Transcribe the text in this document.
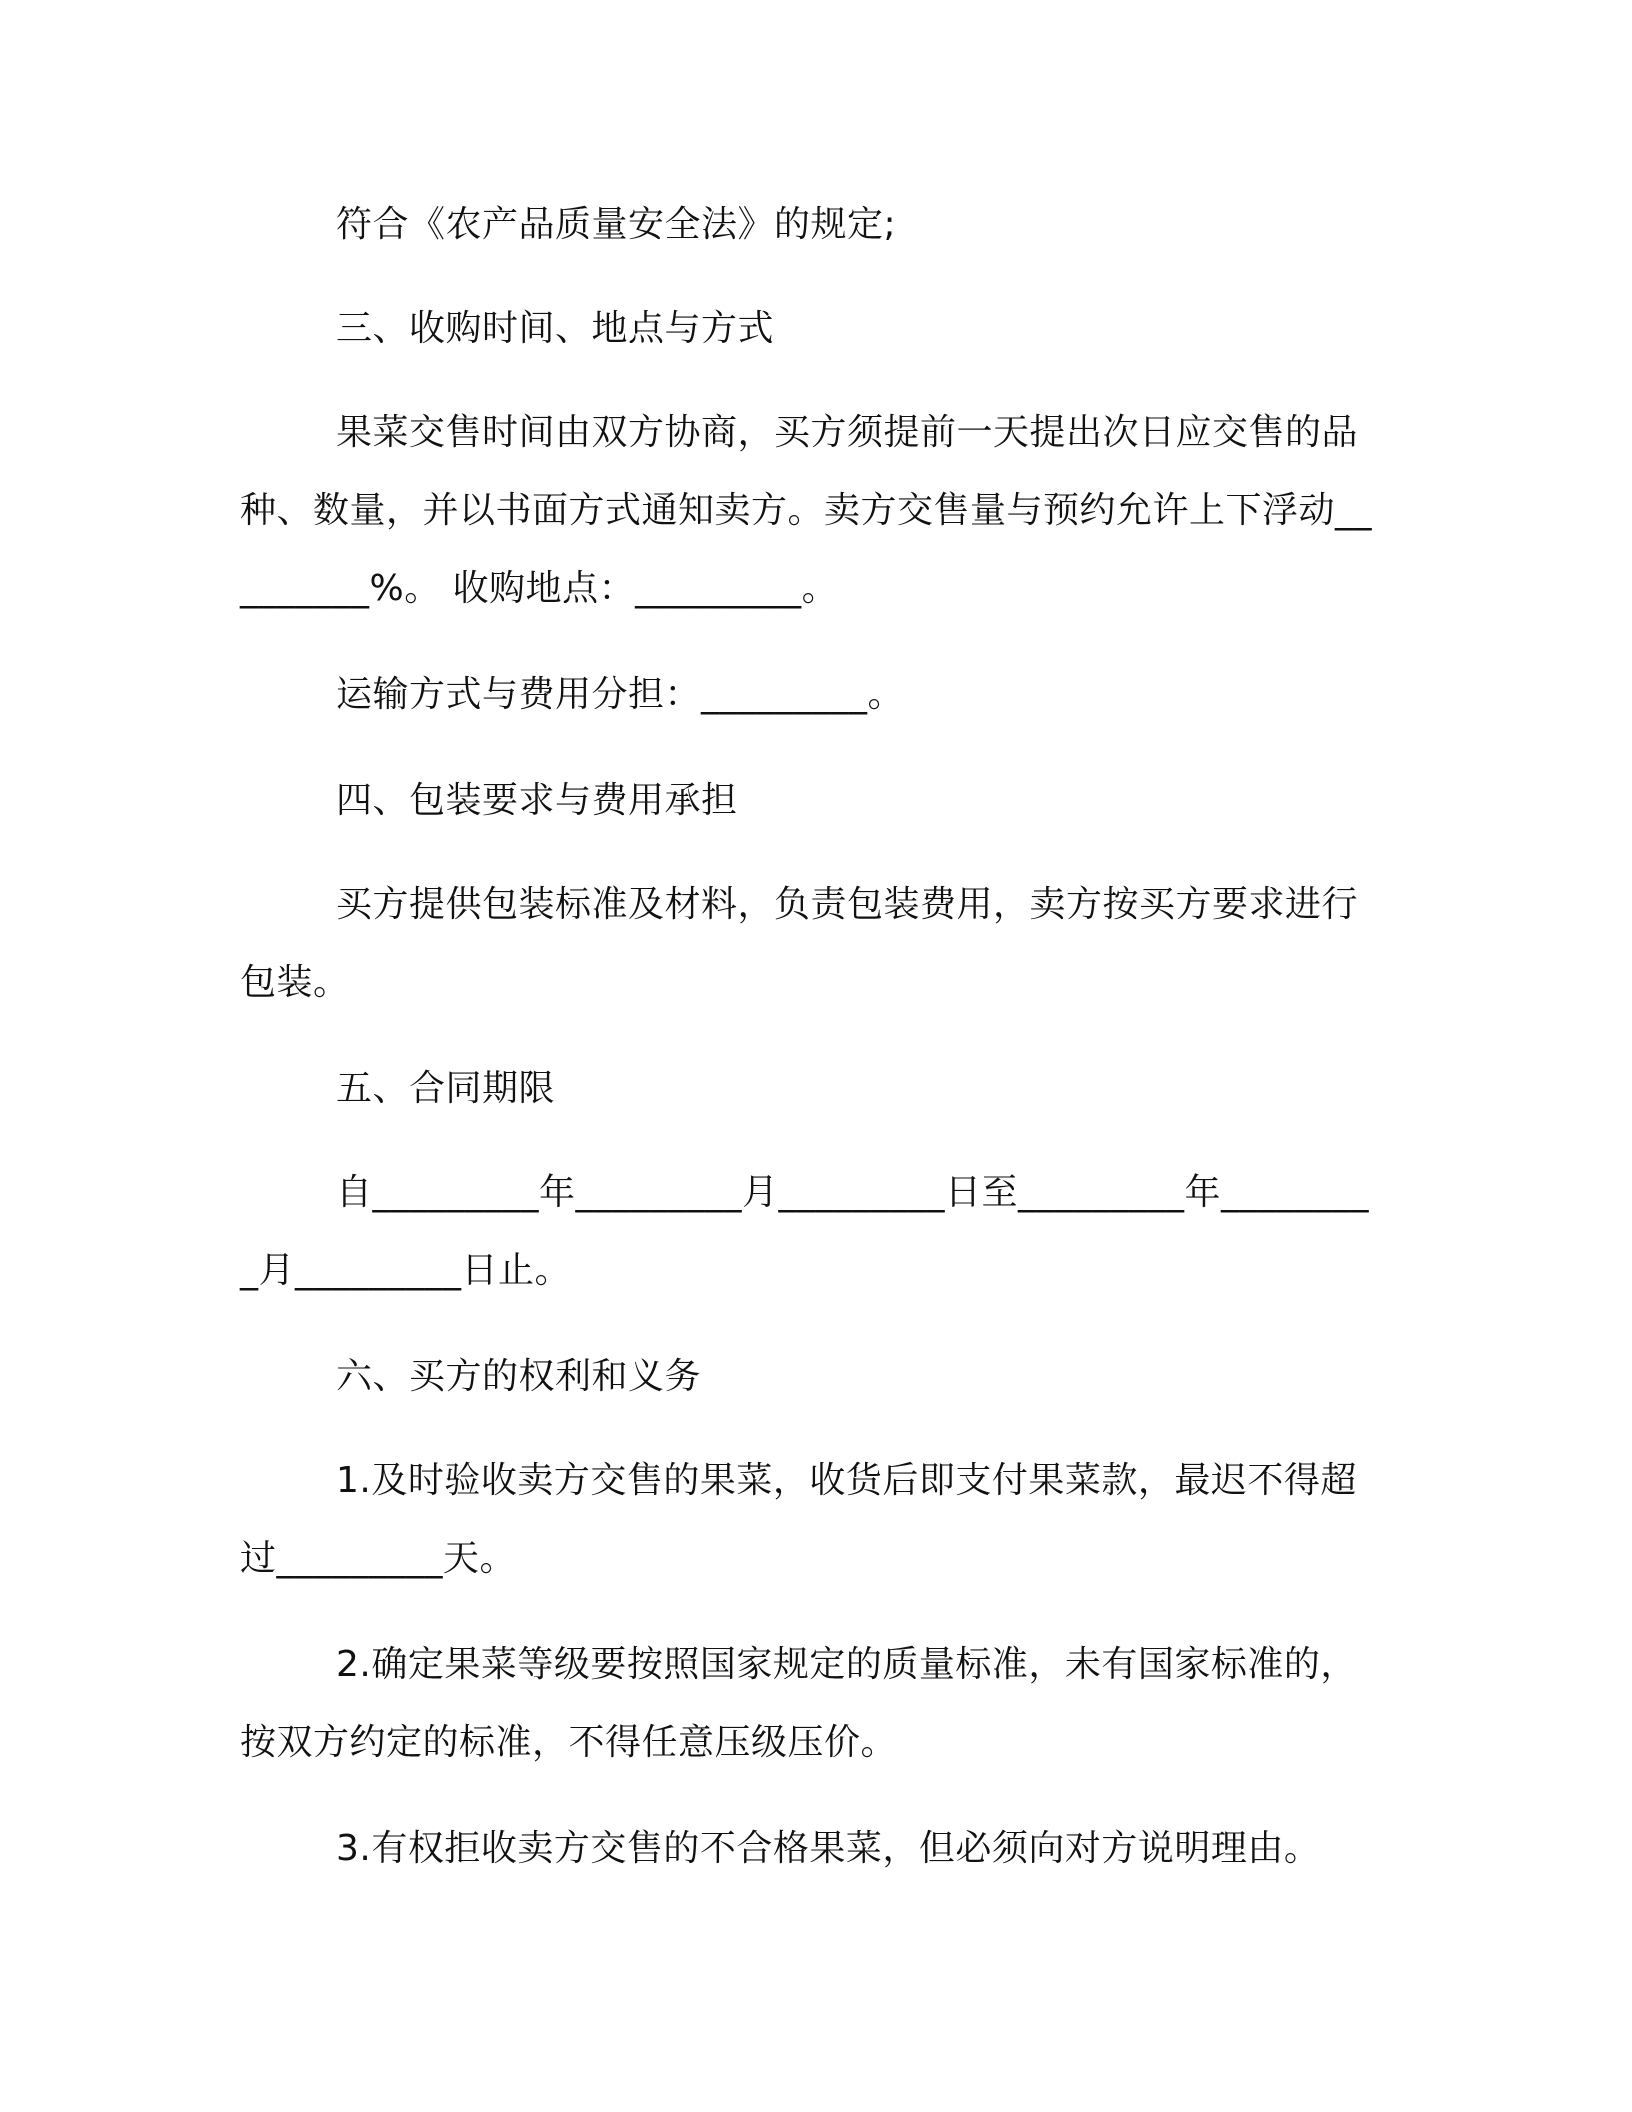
符合《农产品质量安全法》的规定;

三、收购时间、地点与方式

果菜交售时间由双方协商，买方须提前一天提出次日应交售的品种、数量，并以书面方式通知卖方。卖方交售量与预约允许上下浮动_________%。 收购地点：_________。

运输方式与费用分担：_________。

四、包装要求与费用承担

买方提供包装标准及材料，负责包装费用，卖方按买方要求进行包装。

五、合同期限

自_________年_________月_________日至_________年_________月_________日止。

六、买方的权利和义务

1.及时验收卖方交售的果菜，收货后即支付果菜款，最迟不得超过_________天。

2.确定果菜等级要按照国家规定的质量标准，未有国家标准的，按双方约定的标准，不得任意压级压价。

3.有权拒收卖方交售的不合格果菜，但必须向对方说明理由。
